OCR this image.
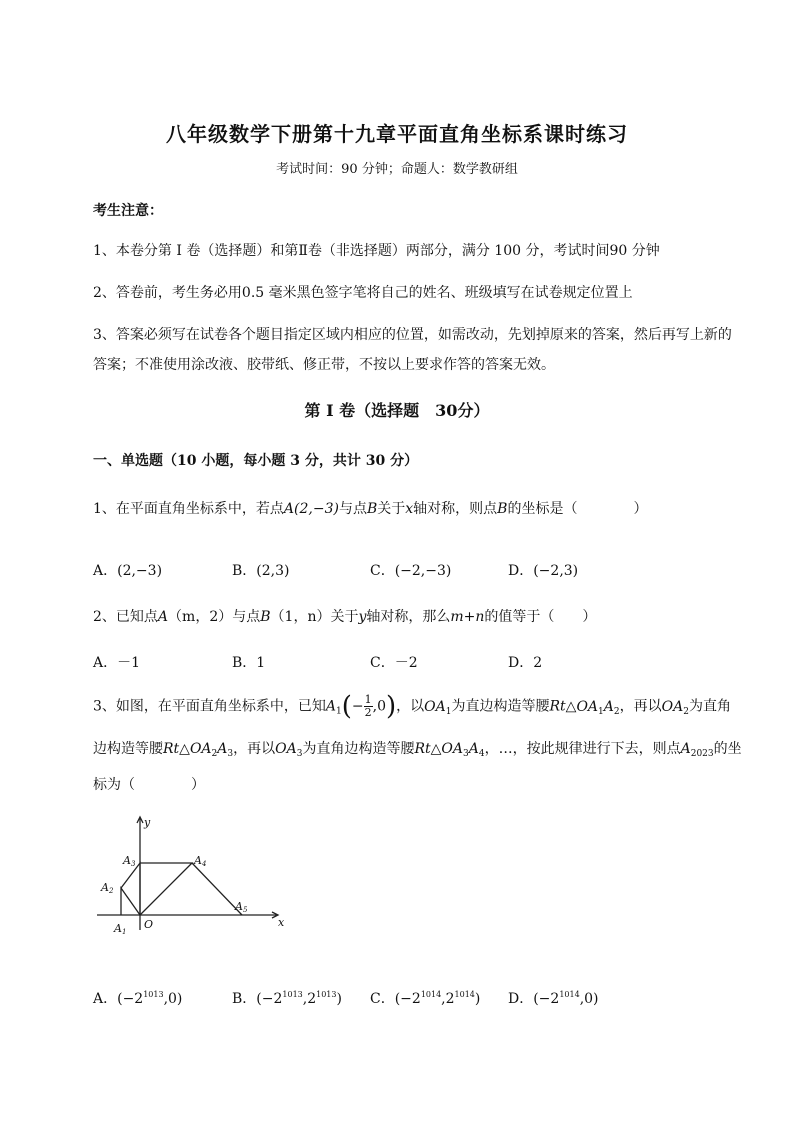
八年级数学下册第十九章平面直角坐标系课时练习
考试时间：90 分钟；命题人：数学教研组
考生注意：
1、本卷分第 I 卷（选择题）和第Ⅱ卷（非选择题）两部分，满分 100 分，考试时间90 分钟
2、答卷前，考生务必用0.5 毫米黑色签字笔将自己的姓名、班级填写在试卷规定位置上
3、答案必须写在试卷各个题目指定区域内相应的位置，如需改动，先划掉原来的答案，然后再写上新的答案；不准使用涂改液、胶带纸、修正带，不按以上要求作答的答案无效。
第 I 卷（选择题　30分）
一、单选题（10 小题，每小题 3 分，共计 30 分）
1、在平面直角坐标系中，若点A(2,−3)与点B关于x轴对称，则点B的坐标是（　　　　）
A．(2,−3)	B．(2,3)	C．(−2,−3)	D．(−2,3)
2、已知点A（m，2）与点B（1，n）关于y轴对称，那么m+n的值等于（　　）
A．－1	B．1	C．－2	D．2
3、如图，在平面直角坐标系中，已知$A_1(- \frac{1}{2} ,0)$，以$OA_1$为直边构造等腰$Rt\triangle OA_1A_2$，再以$OA_2$为直角
边构造等腰$Rt\triangle OA_2A_3$，再以$OA_3$为直角边构造等腰$Rt\triangle OA_3A_4$，…，按此规律进行下去，则点$A_{2023}$的坐
标为（　　　　）
y
x
O
A1
A2
A3	A4
A5
A．$(-2^{1013},0)$	B．$(-2^{1013},2^{1013})$ C．$(-2^{1014},2^{1014})$ D．$(-2^{1014},0)$
